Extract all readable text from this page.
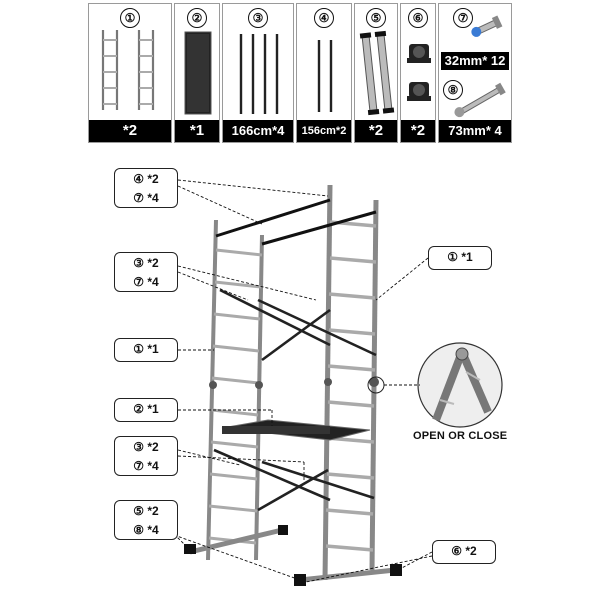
①
*2
②
*1
③
166cm*4
④
156cm*2
⑤
*2
⑥
*2
⑦
32mm* 12
⑧
73mm* 4
④ *2
⑦ *4
③ *2
⑦ *4
① *1
② *1
③ *2
⑦ *4
⑤ *2
⑧ *4
① *1
⑥ *2
OPEN OR CLOSE
